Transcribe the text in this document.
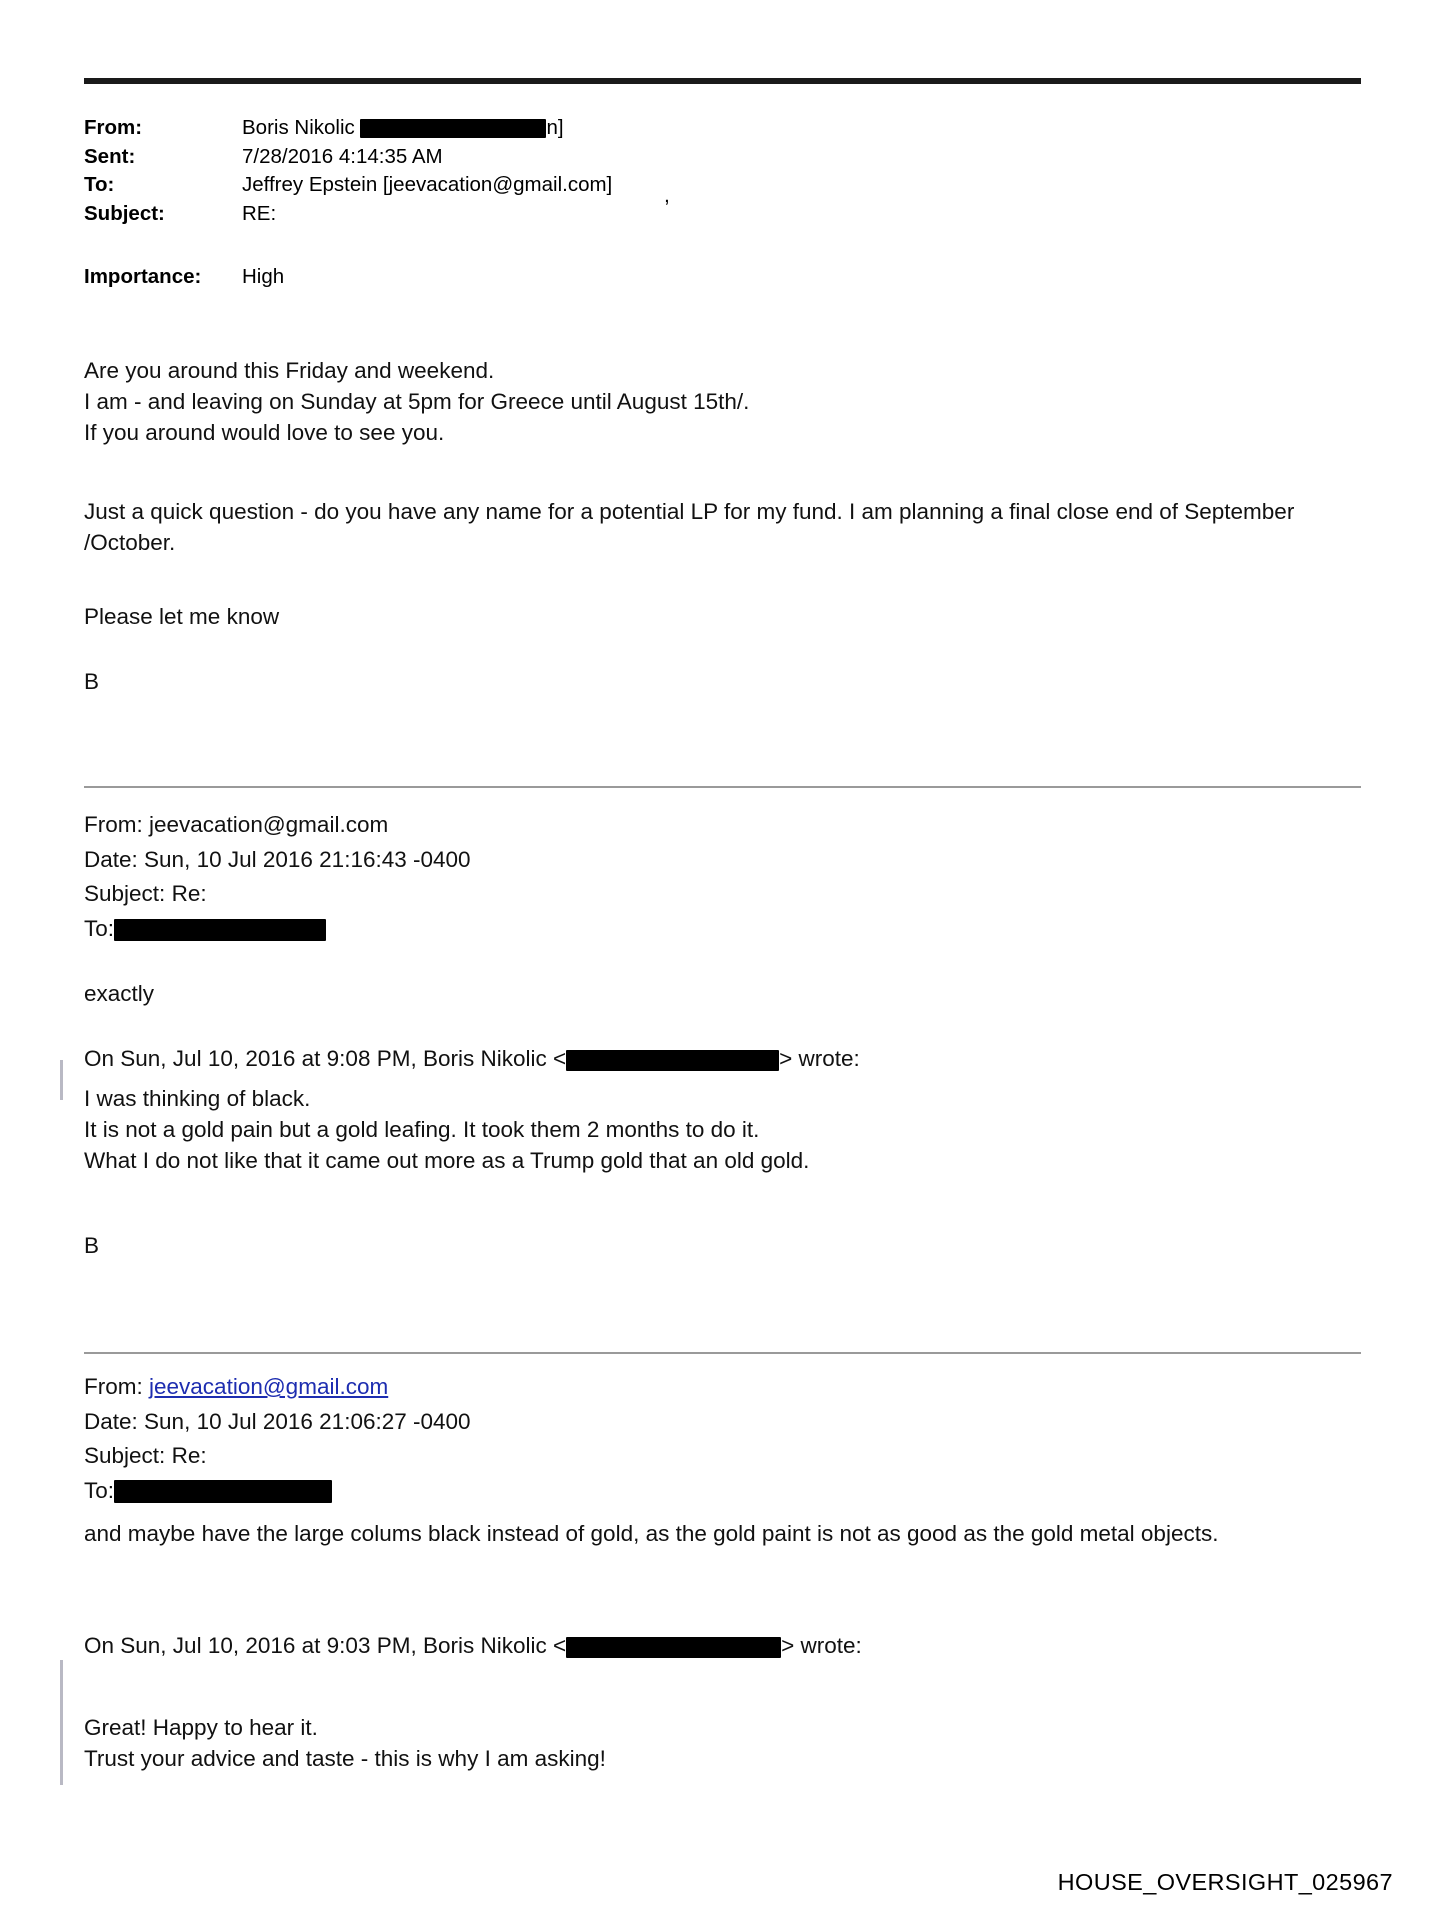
From:	Boris Nikolic	n]
Sent:	7/28/2016 4:14:35 AM
To:	Jeffrey Epstein [jeevacation@gmail.com]
Subject:	RE:
,
Importance:	High
Are you around this Friday and weekend.
I am - and leaving on Sunday at 5pm for Greece until August 15th/.
If you around would love to see you.
Just a quick question - do you have any name for a potential LP for my fund. I am planning a final close end of September /October.
Please let me know
B
From: jeevacation@gmail.com
Date: Sun, 10 Jul 2016 21:16:43 -0400
Subject: Re:
To:
exactly
On Sun, Jul 10, 2016 at 9:08 PM, Boris Nikolic <	> wrote:
I was thinking of black.
It is not a gold pain but a gold leafing. It took them 2 months to do it.
What I do not like that it came out more as a Trump gold that an old gold.
B
From: jeevacation@gmail.com
Date: Sun, 10 Jul 2016 21:06:27 -0400
Subject: Re:
To:
and maybe have the large colums black instead of gold, as the gold paint is not as good as the gold metal objects.
On Sun, Jul 10, 2016 at 9:03 PM, Boris Nikolic <	> wrote:
Great! Happy to hear it.
Trust your advice and taste - this is why I am asking!
HOUSE_OVERSIGHT_025967
